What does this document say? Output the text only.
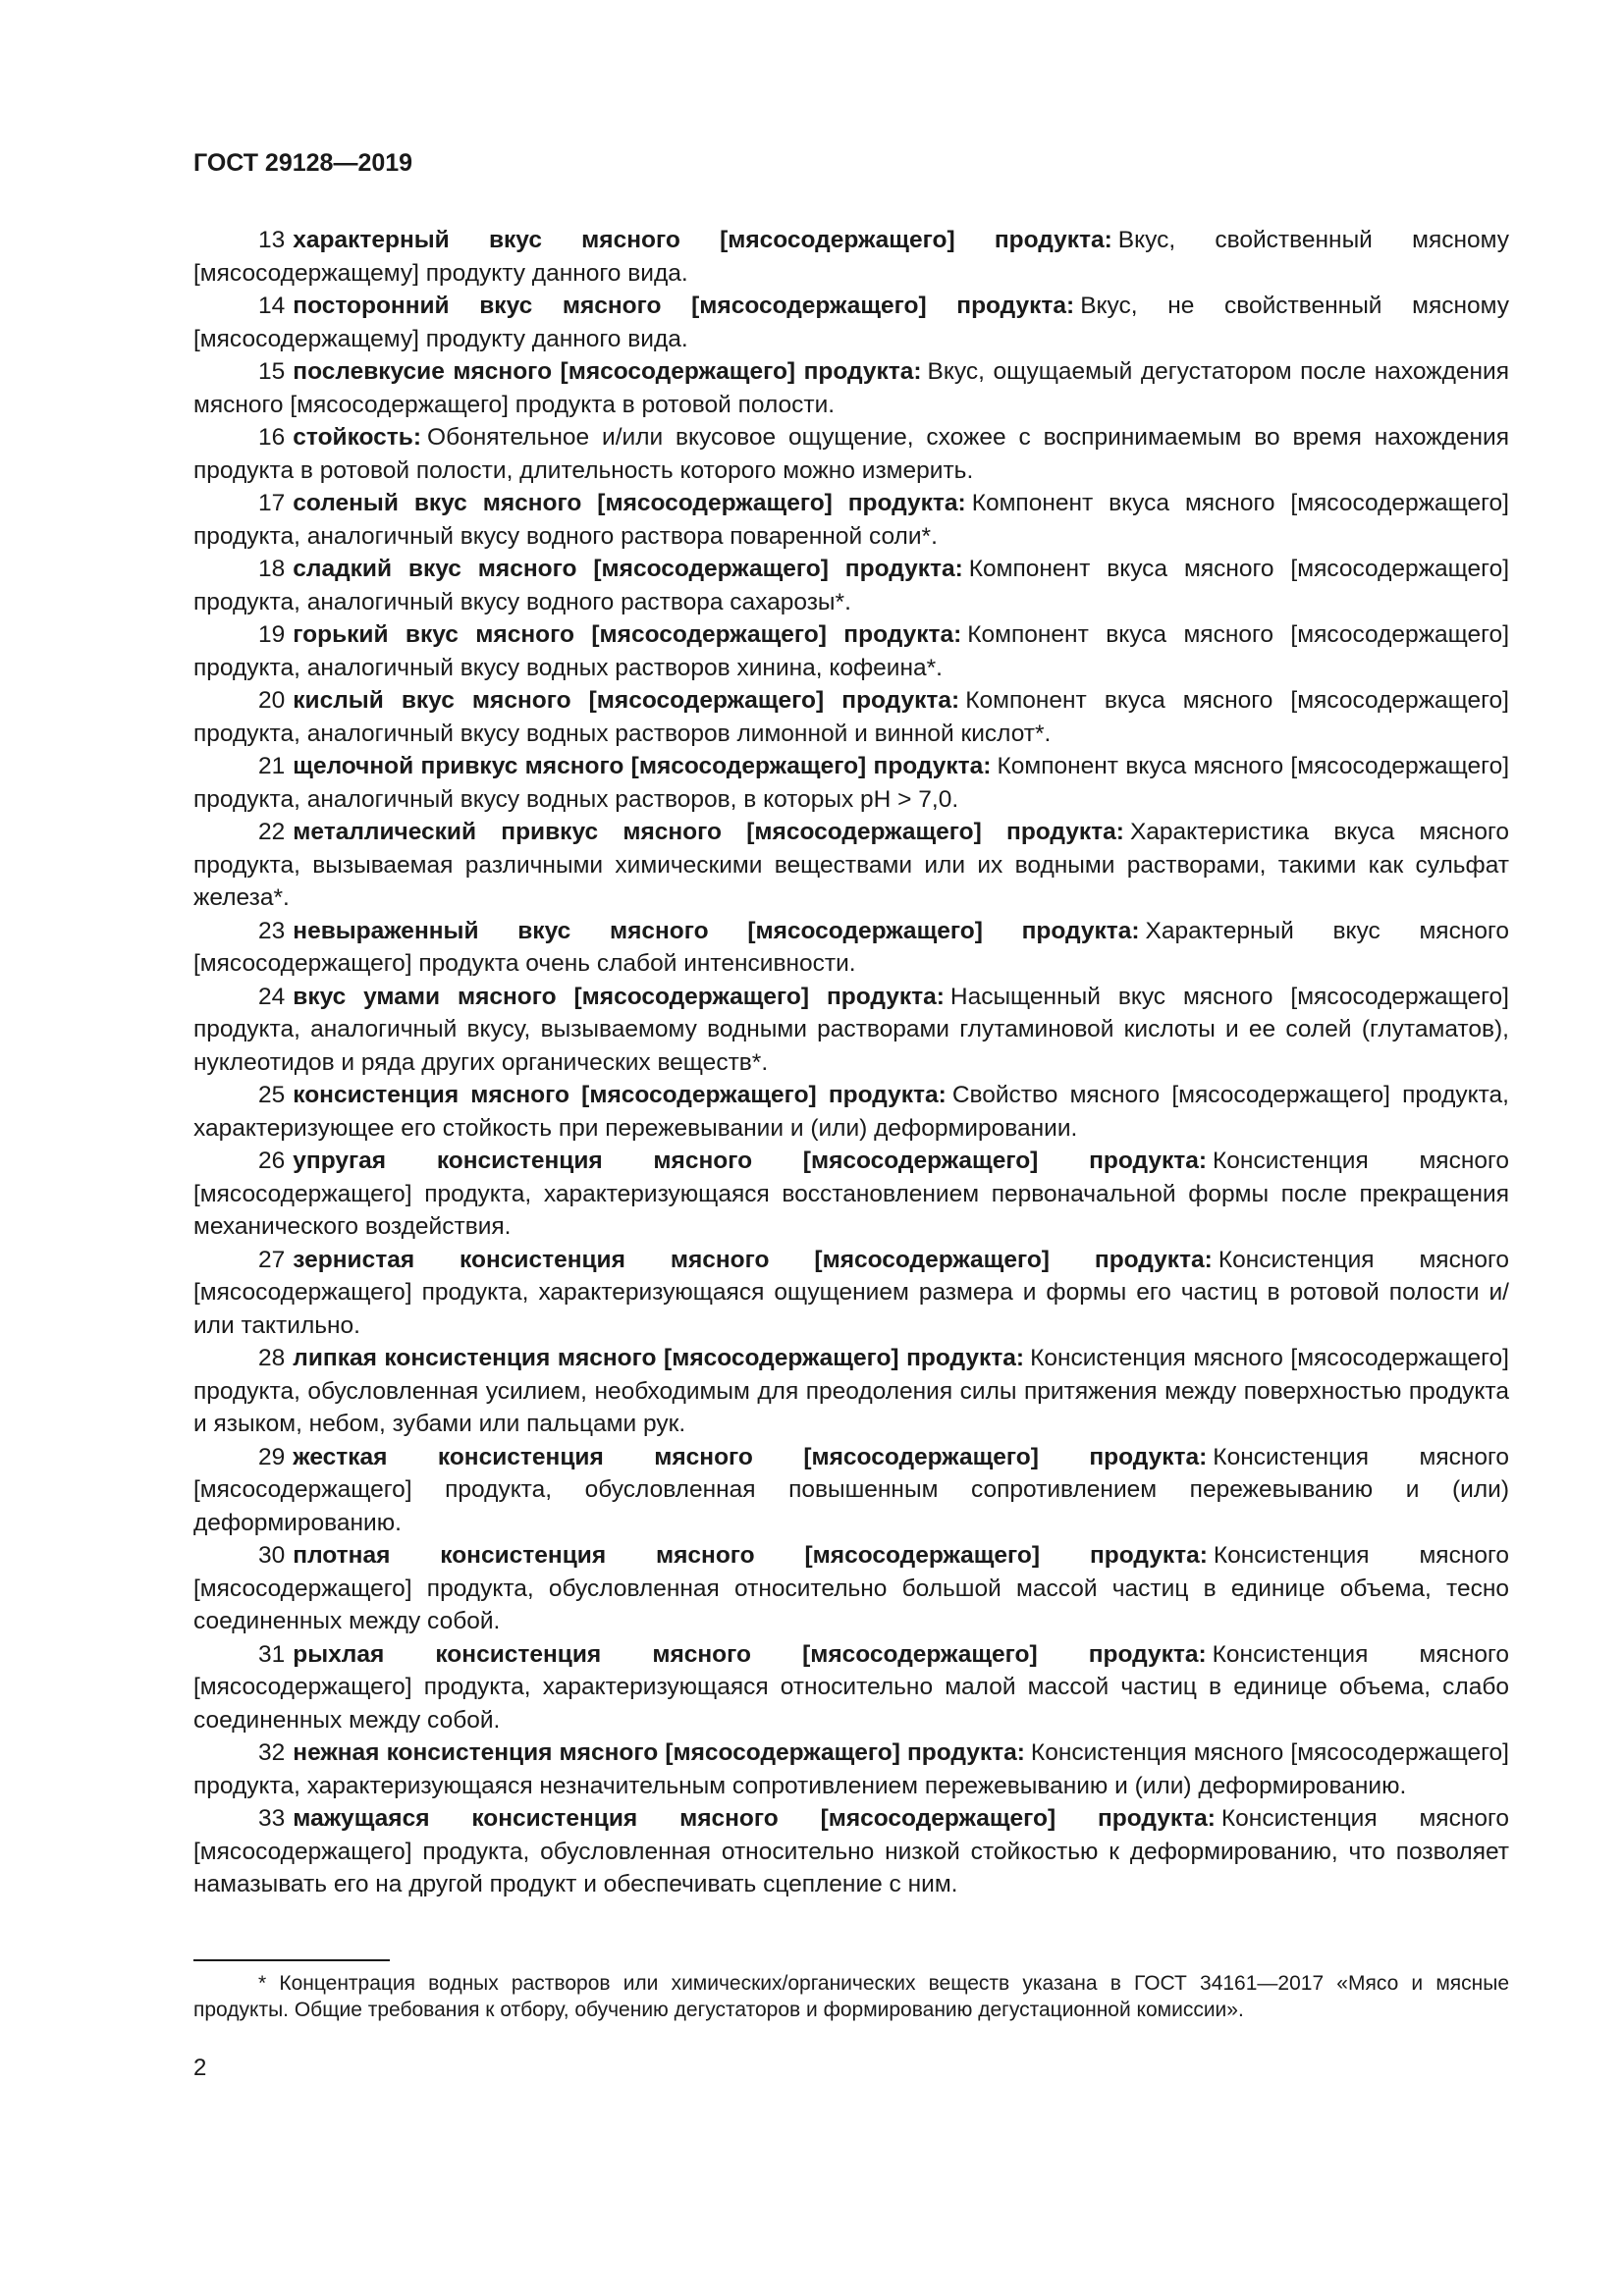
ГОСТ 29128—2019

13 характерный вкус мясного [мясосодержащего] продукта: Вкус, свойственный мясному [мясосодержащему] продукту данного вида.

14 посторонний вкус мясного [мясосодержащего] продукта: Вкус, не свойственный мясному [мясосодержащему] продукту данного вида.

15 послевкусие мясного [мясосодержащего] продукта: Вкус, ощущаемый дегустатором после нахождения мясного [мясосодержащего] продукта в ротовой полости.

16 стойкость: Обонятельное и/или вкусовое ощущение, схожее с воспринимаемым во время нахождения продукта в ротовой полости, длительность которого можно измерить.

17 соленый вкус мясного [мясосодержащего] продукта: Компонент вкуса мясного [мясосодержащего] продукта, аналогичный вкусу водного раствора поваренной соли*.

18 сладкий вкус мясного [мясосодержащего] продукта: Компонент вкуса мясного [мясосодержащего] продукта, аналогичный вкусу водного раствора сахарозы*.

19 горький вкус мясного [мясосодержащего] продукта: Компонент вкуса мясного [мясосодержащего] продукта, аналогичный вкусу водных растворов хинина, кофеина*.

20 кислый вкус мясного [мясосодержащего] продукта: Компонент вкуса мясного [мясосодержащего] продукта, аналогичный вкусу водных растворов лимонной и винной кислот*.

21 щелочной привкус мясного [мясосодержащего] продукта: Компонент вкуса мясного [мясосодержащего] продукта, аналогичный вкусу водных растворов, в которых pH > 7,0.

22 металлический привкус мясного [мясосодержащего] продукта: Характеристика вкуса мясного продукта, вызываемая различными химическими веществами или их водными растворами, такими как сульфат железа*.

23 невыраженный вкус мясного [мясосодержащего] продукта: Характерный вкус мясного [мясосодержащего] продукта очень слабой интенсивности.

24 вкус умами мясного [мясосодержащего] продукта: Насыщенный вкус мясного [мясосодержащего] продукта, аналогичный вкусу, вызываемому водными растворами глутаминовой кислоты и ее солей (глутаматов), нуклеотидов и ряда других органических веществ*.

25 консистенция мясного [мясосодержащего] продукта: Свойство мясного [мясосодержащего] продукта, характеризующее его стойкость при пережевывании и (или) деформировании.

26 упругая консистенция мясного [мясосодержащего] продукта: Консистенция мясного [мясосодержащего] продукта, характеризующаяся восстановлением первоначальной формы после прекращения механического воздействия.

27 зернистая консистенция мясного [мясосодержащего] продукта: Консистенция мясного [мясосодержащего] продукта, характеризующаяся ощущением размера и формы его частиц в ротовой полости и/или тактильно.

28 липкая консистенция мясного [мясосодержащего] продукта: Консистенция мясного [мясосодержащего] продукта, обусловленная усилием, необходимым для преодоления силы притяжения между поверхностью продукта и языком, небом, зубами или пальцами рук.

29 жесткая консистенция мясного [мясосодержащего] продукта: Консистенция мясного [мясосодержащего] продукта, обусловленная повышенным сопротивлением пережевыванию и (или) деформированию.

30 плотная консистенция мясного [мясосодержащего] продукта: Консистенция мясного [мясосодержащего] продукта, обусловленная относительно большой массой частиц в единице объема, тесно соединенных между собой.

31 рыхлая консистенция мясного [мясосодержащего] продукта: Консистенция мясного [мясосодержащего] продукта, характеризующаяся относительно малой массой частиц в единице объема, слабо соединенных между собой.

32 нежная консистенция мясного [мясосодержащего] продукта: Консистенция мясного [мясосодержащего] продукта, характеризующаяся незначительным сопротивлением пережевыванию и (или) деформированию.

33 мажущаяся консистенция мясного [мясосодержащего] продукта: Консистенция мясного [мясосодержащего] продукта, обусловленная относительно низкой стойкостью к деформированию, что позволяет намазывать его на другой продукт и обеспечивать сцепление с ним.

* Концентрация водных растворов или химических/органических веществ указана в ГОСТ 34161—2017 «Мясо и мясные продукты. Общие требования к отбору, обучению дегустаторов и формированию дегустационной комиссии».

2
